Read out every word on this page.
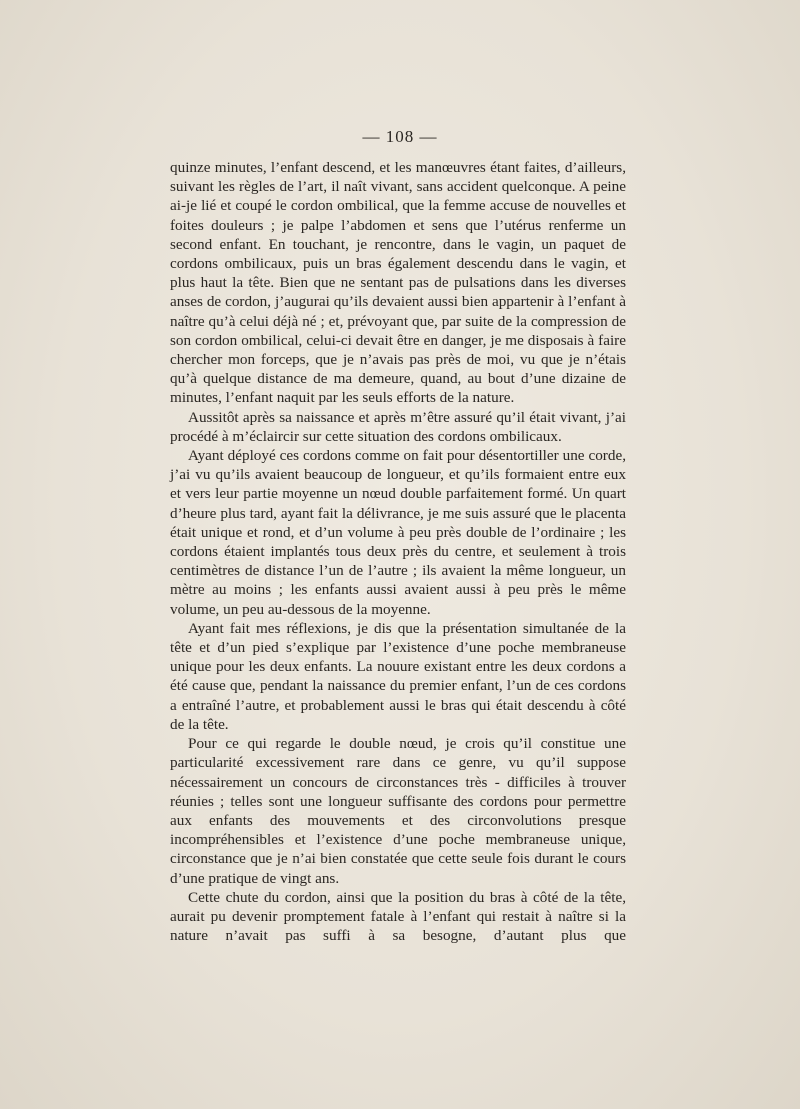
— 108 —

quinze minutes, l’enfant descend, et les manœuvres étant faites, d’ailleurs, suivant les règles de l’art, il naît vivant, sans accident quelconque. A peine ai-je lié et coupé le cordon ombilical, que la femme accuse de nouvelles et foites douleurs ; je palpe l’abdomen et sens que l’utérus renferme un second enfant. En touchant, je rencontre, dans le vagin, un paquet de cordons ombilicaux, puis un bras également descendu dans le vagin, et plus haut la tête. Bien que ne sentant pas de pulsations dans les diverses anses de cordon, j’augurai qu’ils devaient aussi bien appartenir à l’enfant à naître qu’à celui déjà né ; et, prévoyant que, par suite de la compression de son cordon ombilical, celui-ci devait être en danger, je me disposais à faire chercher mon forceps, que je n’avais pas près de moi, vu que je n’étais qu’à quelque distance de ma demeure, quand, au bout d’une dizaine de minutes, l’enfant naquit par les seuls efforts de la nature.

Aussitôt après sa naissance et après m’être assuré qu’il était vivant, j’ai procédé à m’éclaircir sur cette situation des cordons ombilicaux.

Ayant déployé ces cordons comme on fait pour désentortiller une corde, j’ai vu qu’ils avaient beaucoup de longueur, et qu’ils formaient entre eux et vers leur partie moyenne un nœud double parfaitement formé. Un quart d’heure plus tard, ayant fait la délivrance, je me suis assuré que le placenta était unique et rond, et d’un volume à peu près double de l’ordinaire ; les cordons étaient implantés tous deux près du centre, et seulement à trois centimètres de distance l’un de l’autre ; ils avaient la même longueur, un mètre au moins ; les enfants aussi avaient aussi à peu près le même volume, un peu au-dessous de la moyenne.

Ayant fait mes réflexions, je dis que la présentation simultanée de la tête et d’un pied s’explique par l’existence d’une poche membraneuse unique pour les deux enfants. La nouure existant entre les deux cordons a été cause que, pendant la naissance du premier enfant, l’un de ces cordons a entraîné l’autre, et probablement aussi le bras qui était descendu à côté de la tête.

Pour ce qui regarde le double nœud, je crois qu’il constitue une particularité excessivement rare dans ce genre, vu qu’il suppose nécessairement un concours de circonstances très - difficiles à trouver réunies ; telles sont une longueur suffisante des cordons pour permettre aux enfants des mouvements et des circonvolutions presque incompréhensibles et l’existence d’une poche membraneuse unique, circonstance que je n’ai bien constatée que cette seule fois durant le cours d’une pratique de vingt ans.

Cette chute du cordon, ainsi que la position du bras à côté de la tête, aurait pu devenir promptement fatale à l’enfant qui restait à naître si la nature n’avait pas suffi à sa besogne, d’autant plus que
